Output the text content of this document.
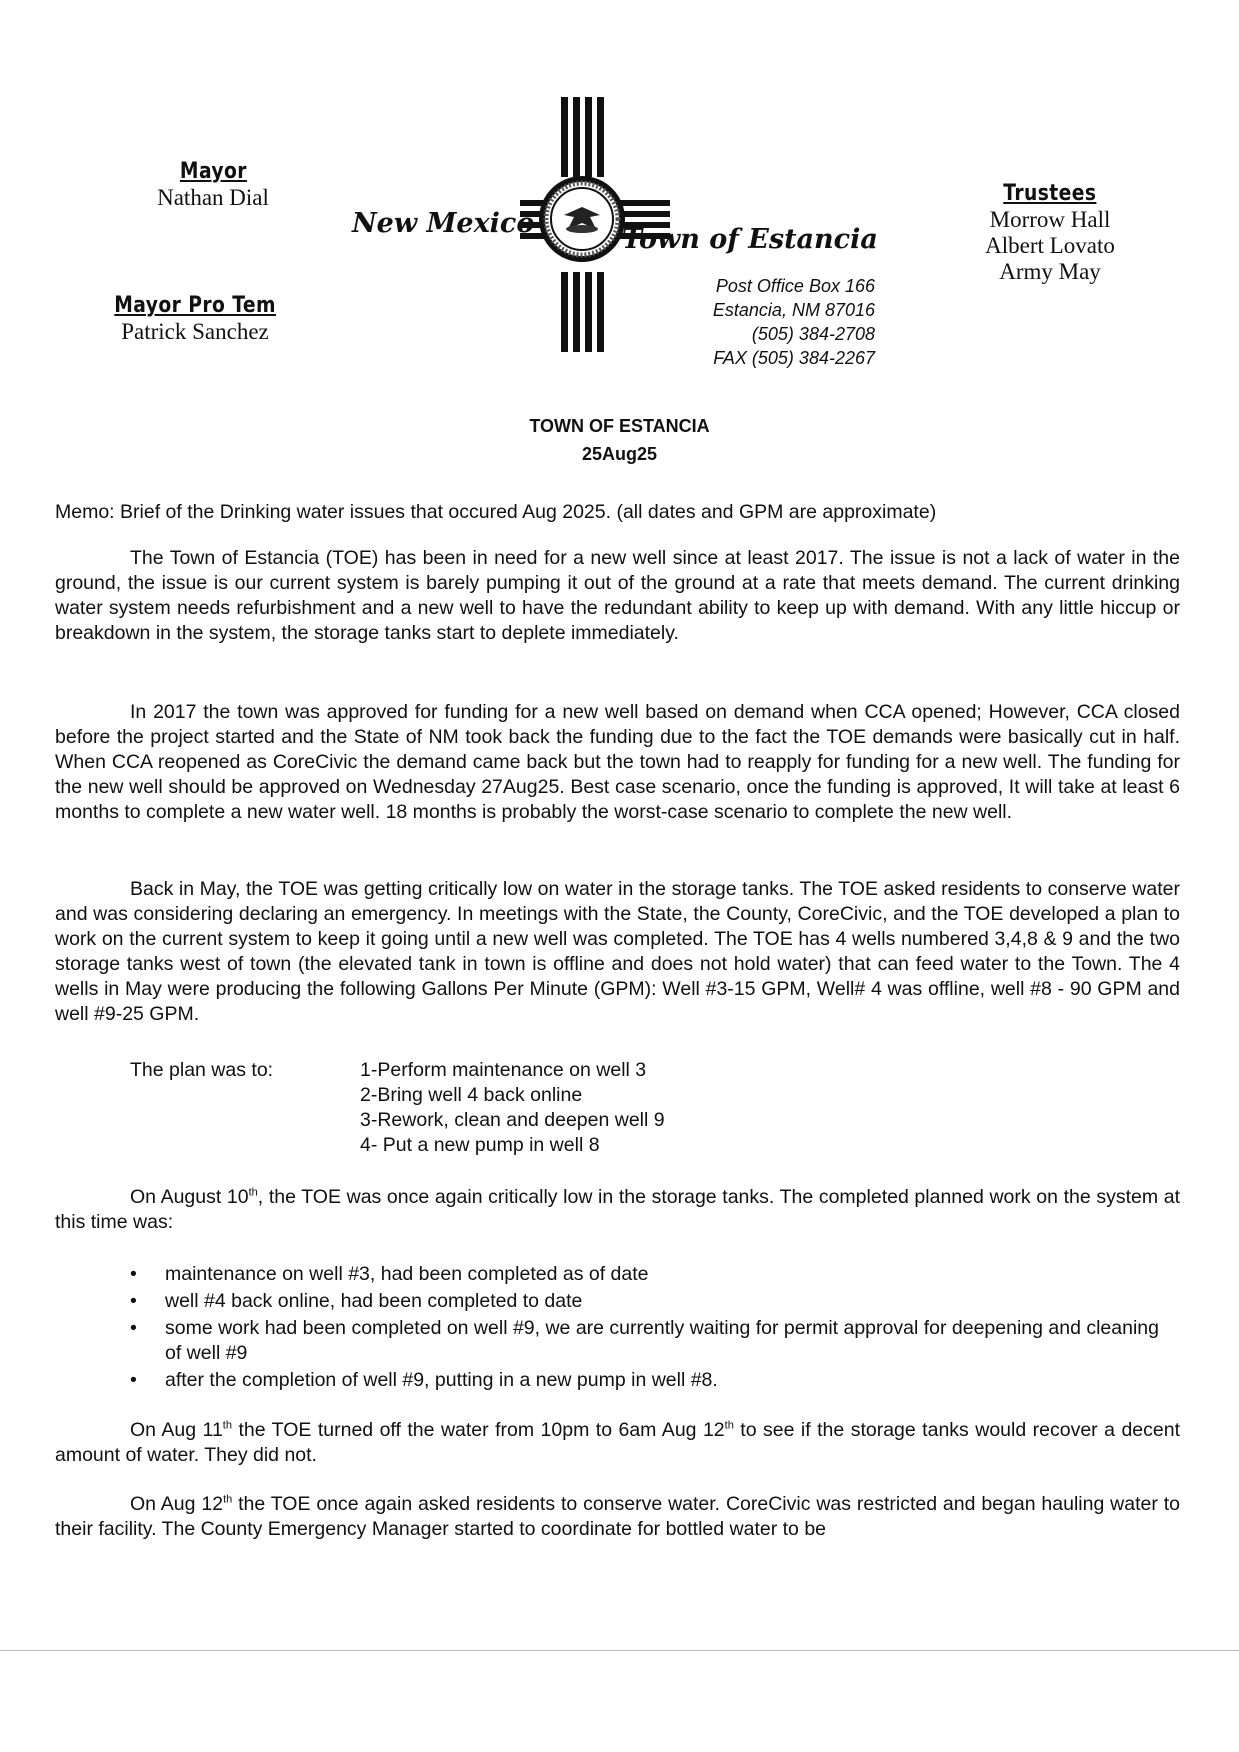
Mayor
Nathan Dial
Mayor Pro Tem
Patrick Sanchez
Trustees
Morrow Hall
Albert Lovato
Army May
New Mexico
Town of Estancia
Post Office Box 166
Estancia, NM 87016
(505) 384-2708
FAX (505) 384-2267
TOWN OF ESTANCIA
25Aug25
Memo: Brief of the Drinking water issues that occured Aug 2025. (all dates and GPM are approximate)

The Town of Estancia (TOE) has been in need for a new well since at least 2017. The issue is not a lack of water in the ground, the issue is our current system is barely pumping it out of the ground at a rate that meets demand. The current drinking water system needs refurbishment and a new well to have the redundant ability to keep up with demand. With any little hiccup or breakdown in the system, the storage tanks start to deplete immediately.

In 2017 the town was approved for funding for a new well based on demand when CCA opened; However, CCA closed before the project started and the State of NM took back the funding due to the fact the TOE demands were basically cut in half. When CCA reopened as CoreCivic the demand came back but the town had to reapply for funding for a new well. The funding for the new well should be approved on Wednesday 27Aug25. Best case scenario, once the funding is approved, It will take at least 6 months to complete a new water well. 18 months is probably the worst-case scenario to complete the new well.

Back in May, the TOE was getting critically low on water in the storage tanks. The TOE asked residents to conserve water and was considering declaring an emergency. In meetings with the State, the County, CoreCivic, and the TOE developed a plan to work on the current system to keep it going until a new well was completed. The TOE has 4 wells numbered 3,4,8 & 9 and the two storage tanks west of town (the elevated tank in town is offline and does not hold water) that can feed water to the Town. The 4 wells in May were producing the following Gallons Per Minute (GPM): Well #3-15 GPM, Well# 4 was offline, well #8 - 90 GPM and well #9-25 GPM.

The plan was to:	1-Perform maintenance on well 3
2-Bring well 4 back online
3-Rework, clean and deepen well 9
4- Put a new pump in well 8

On August 10th, the TOE was once again critically low in the storage tanks. The completed planned work on the system at this time was:

• maintenance on well #3, had been completed as of date
• well #4 back online, had been completed to date
• some work had been completed on well #9, we are currently waiting for permit approval for deepening and cleaning of well #9
• after the completion of well #9, putting in a new pump in well #8.

On Aug 11th the TOE turned off the water from 10pm to 6am Aug 12th to see if the storage tanks would recover a decent amount of water. They did not.

On Aug 12th the TOE once again asked residents to conserve water. CoreCivic was restricted and began hauling water to their facility. The County Emergency Manager started to coordinate for bottled water to be
